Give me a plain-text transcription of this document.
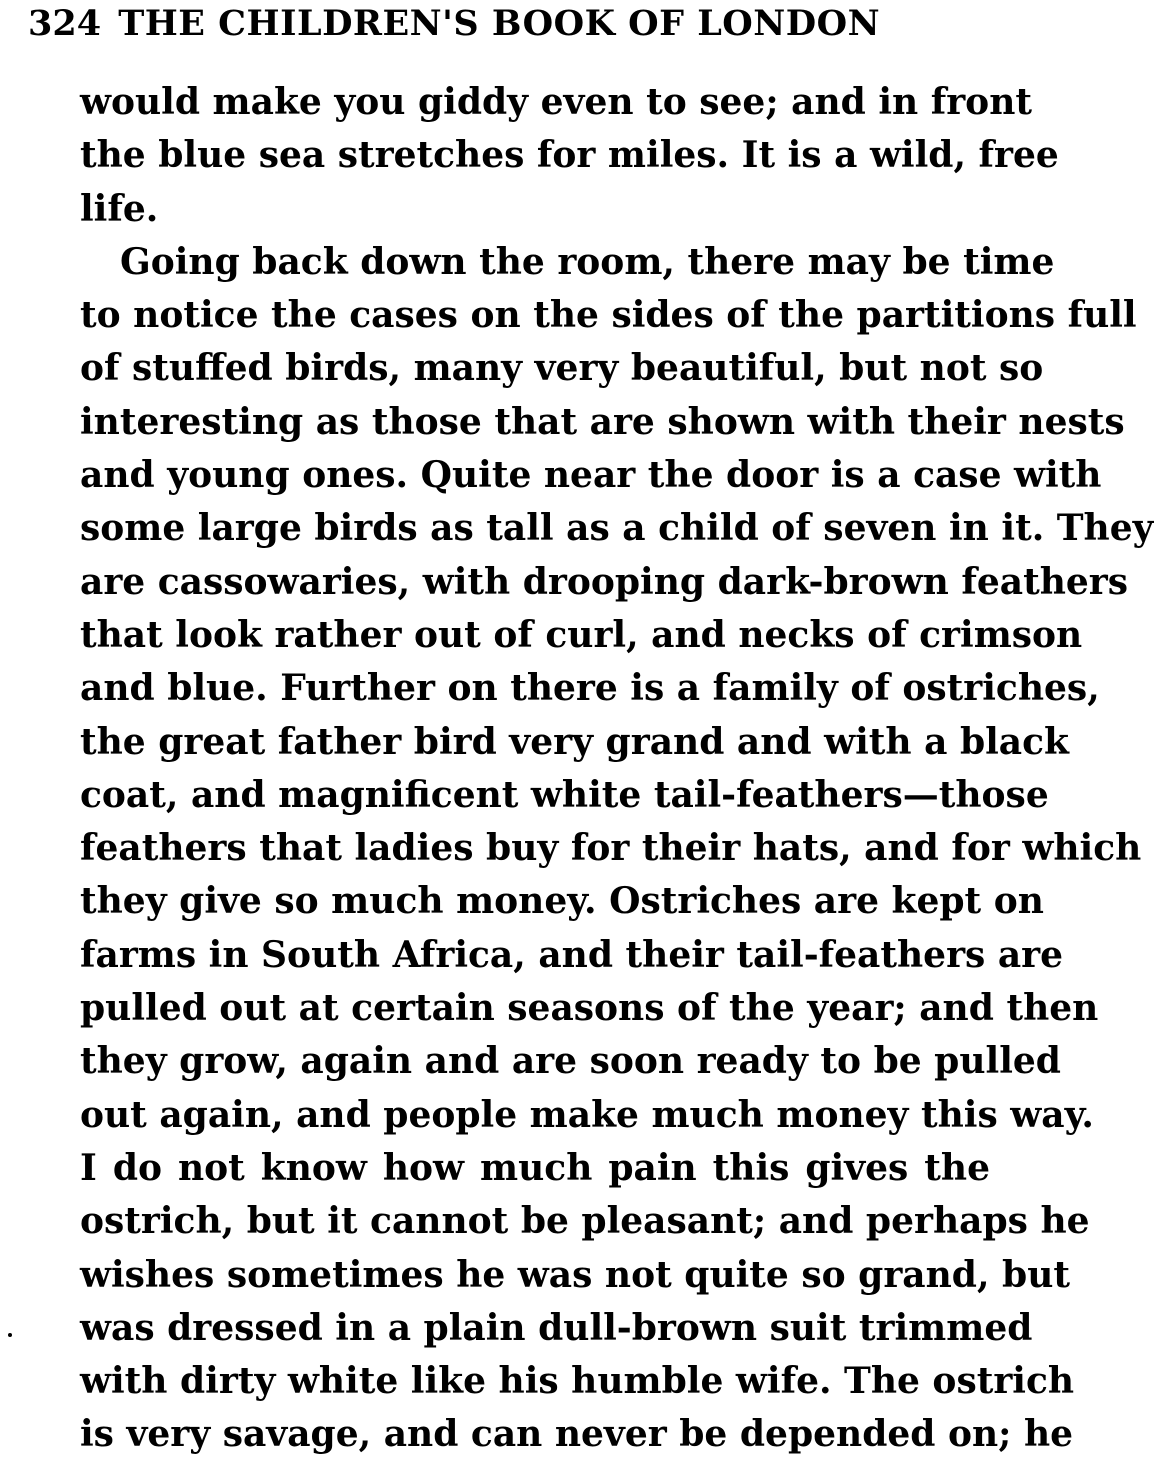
324 THE CHILDREN'S BOOK OF LONDON
would make you giddy even to see; and in front
the blue sea stretches for miles. It is a wild, free
life.
Going back down the room, there may be time
to notice the cases on the sides of the partitions full
of stuffed birds, many very beautiful, but not so
interesting as those that are shown with their nests
and young ones. Quite near the door is a case with
some large birds as tall as a child of seven in it. They
are cassowaries, with drooping dark-brown feathers
that look rather out of curl, and necks of crimson
and blue. Further on there is a family of ostriches,
the great father bird very grand and with a black
coat, and magnificent white tail-feathers—those
feathers that ladies buy for their hats, and for which
they give so much money. Ostriches are kept on
farms in South Africa, and their tail-feathers are
pulled out at certain seasons of the year; and then
they grow, again and are soon ready to be pulled
out again, and people make much money this way.
I do not know how much pain this gives the
ostrich, but it cannot be pleasant; and perhaps he
wishes sometimes he was not quite so grand, but
was dressed in a plain dull-brown suit trimmed
with dirty white like his humble wife. The ostrich
is very savage, and can never be depended on; he
